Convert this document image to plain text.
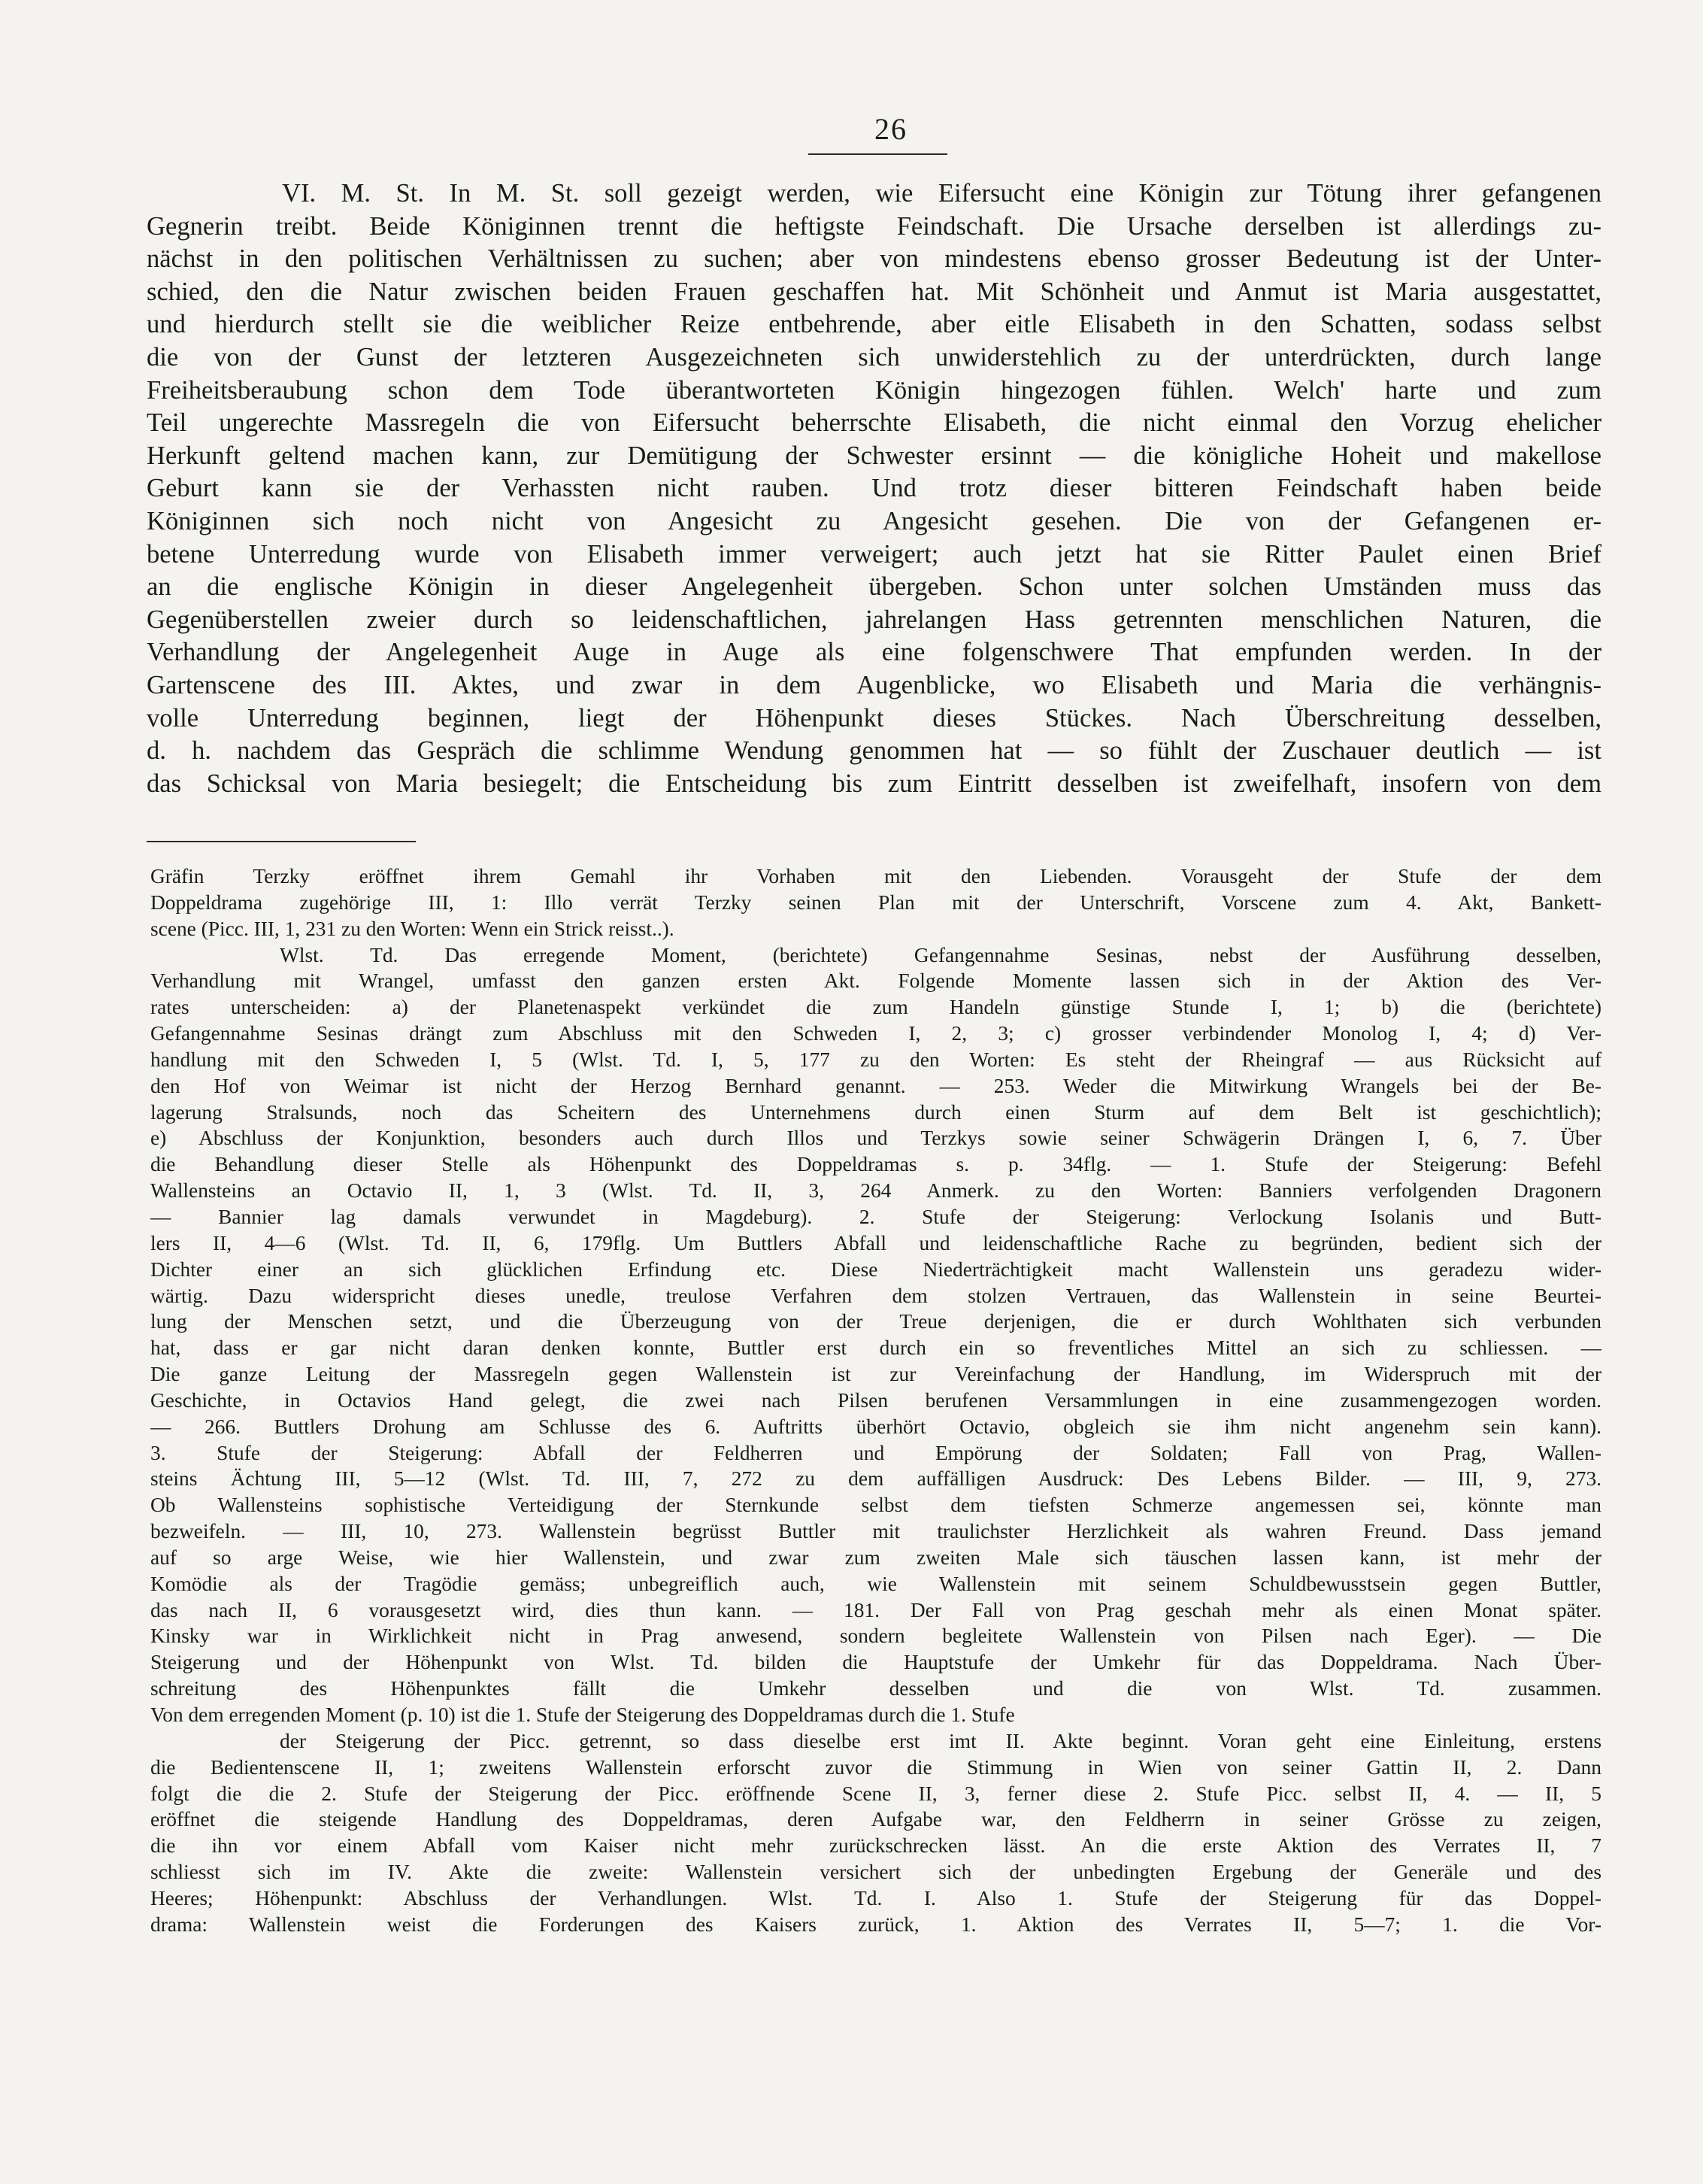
26
VI. M. St. In M. St. soll gezeigt werden, wie Eifersucht eine Königin zur Tötung ihrer gefangenen
Gegnerin treibt. Beide Königinnen trennt die heftigste Feindschaft. Die Ursache derselben ist allerdings zu-
nächst in den politischen Verhältnissen zu suchen; aber von mindestens ebenso grosser Bedeutung ist der Unter-
schied, den die Natur zwischen beiden Frauen geschaffen hat. Mit Schönheit und Anmut ist Maria ausgestattet,
und hierdurch stellt sie die weiblicher Reize entbehrende, aber eitle Elisabeth in den Schatten, sodass selbst
die von der Gunst der letzteren Ausgezeichneten sich unwiderstehlich zu der unterdrückten, durch lange
Freiheitsberaubung schon dem Tode überantworteten Königin hingezogen fühlen. Welch' harte und zum
Teil ungerechte Massregeln die von Eifersucht beherrschte Elisabeth, die nicht einmal den Vorzug ehelicher
Herkunft geltend machen kann, zur Demütigung der Schwester ersinnt — die königliche Hoheit und makellose
Geburt kann sie der Verhassten nicht rauben. Und trotz dieser bitteren Feindschaft haben beide
Königinnen sich noch nicht von Angesicht zu Angesicht gesehen. Die von der Gefangenen er-
betene Unterredung wurde von Elisabeth immer verweigert; auch jetzt hat sie Ritter Paulet einen Brief
an die englische Königin in dieser Angelegenheit übergeben. Schon unter solchen Umständen muss das
Gegenüberstellen zweier durch so leidenschaftlichen, jahrelangen Hass getrennten menschlichen Naturen, die
Verhandlung der Angelegenheit Auge in Auge als eine folgenschwere That empfunden werden. In der
Gartenscene des III. Aktes, und zwar in dem Augenblicke, wo Elisabeth und Maria die verhängnis-
volle Unterredung beginnen, liegt der Höhenpunkt dieses Stückes. Nach Überschreitung desselben,
d. h. nachdem das Gespräch die schlimme Wendung genommen hat — so fühlt der Zuschauer deutlich — ist
das Schicksal von Maria besiegelt; die Entscheidung bis zum Eintritt desselben ist zweifelhaft, insofern von dem
Gräfin Terzky eröffnet ihrem Gemahl ihr Vorhaben mit den Liebenden. Vorausgeht der Stufe der dem
Doppeldrama zugehörige III, 1: Illo verrät Terzky seinen Plan mit der Unterschrift, Vorscene zum 4. Akt, Bankett-
scene (Picc. III, 1, 231 zu den Worten: Wenn ein Strick reisst..).
Wlst. Td. Das erregende Moment, (berichtete) Gefangennahme Sesinas, nebst der Ausführung desselben,
Verhandlung mit Wrangel, umfasst den ganzen ersten Akt. Folgende Momente lassen sich in der Aktion des Ver-
rates unterscheiden: a) der Planetenaspekt verkündet die zum Handeln günstige Stunde I, 1; b) die (berichtete)
Gefangennahme Sesinas drängt zum Abschluss mit den Schweden I, 2, 3; c) grosser verbindender Monolog I, 4; d) Ver-
handlung mit den Schweden I, 5 (Wlst. Td. I, 5, 177 zu den Worten: Es steht der Rheingraf — aus Rücksicht auf
den Hof von Weimar ist nicht der Herzog Bernhard genannt. — 253. Weder die Mitwirkung Wrangels bei der Be-
lagerung Stralsunds, noch das Scheitern des Unternehmens durch einen Sturm auf dem Belt ist geschichtlich);
e) Abschluss der Konjunktion, besonders auch durch Illos und Terzkys sowie seiner Schwägerin Drängen I, 6, 7. Über
die Behandlung dieser Stelle als Höhenpunkt des Doppeldramas s. p. 34flg. — 1. Stufe der Steigerung: Befehl
Wallensteins an Octavio II, 1, 3 (Wlst. Td. II, 3, 264 Anmerk. zu den Worten: Banniers verfolgenden Dragonern
— Bannier lag damals verwundet in Magdeburg). 2. Stufe der Steigerung: Verlockung Isolanis und Butt-
lers II, 4—6 (Wlst. Td. II, 6, 179flg. Um Buttlers Abfall und leidenschaftliche Rache zu begründen, bedient sich der
Dichter einer an sich glücklichen Erfindung etc. Diese Niederträchtigkeit macht Wallenstein uns geradezu wider-
wärtig. Dazu widerspricht dieses unedle, treulose Verfahren dem stolzen Vertrauen, das Wallenstein in seine Beurtei-
lung der Menschen setzt, und die Überzeugung von der Treue derjenigen, die er durch Wohlthaten sich verbunden
hat, dass er gar nicht daran denken konnte, Buttler erst durch ein so freventliches Mittel an sich zu schliessen. —
Die ganze Leitung der Massregeln gegen Wallenstein ist zur Vereinfachung der Handlung, im Widerspruch mit der
Geschichte, in Octavios Hand gelegt, die zwei nach Pilsen berufenen Versammlungen in eine zusammengezogen worden.
— 266. Buttlers Drohung am Schlusse des 6. Auftritts überhört Octavio, obgleich sie ihm nicht angenehm sein kann).
3. Stufe der Steigerung: Abfall der Feldherren und Empörung der Soldaten; Fall von Prag, Wallen-
steins Ächtung III, 5—12 (Wlst. Td. III, 7, 272 zu dem auffälligen Ausdruck: Des Lebens Bilder. — III, 9, 273.
Ob Wallensteins sophistische Verteidigung der Sternkunde selbst dem tiefsten Schmerze angemessen sei, könnte man
bezweifeln. — III, 10, 273. Wallenstein begrüsst Buttler mit traulichster Herzlichkeit als wahren Freund. Dass jemand
auf so arge Weise, wie hier Wallenstein, und zwar zum zweiten Male sich täuschen lassen kann, ist mehr der
Komödie als der Tragödie gemäss; unbegreiflich auch, wie Wallenstein mit seinem Schuldbewusstsein gegen Buttler,
das nach II, 6 vorausgesetzt wird, dies thun kann. — 181. Der Fall von Prag geschah mehr als einen Monat später.
Kinsky war in Wirklichkeit nicht in Prag anwesend, sondern begleitete Wallenstein von Pilsen nach Eger). — Die
Steigerung und der Höhenpunkt von Wlst. Td. bilden die Hauptstufe der Umkehr für das Doppeldrama. Nach Über-
schreitung des Höhenpunktes fällt die Umkehr desselben und die von Wlst. Td. zusammen.
Von dem erregenden Moment (p. 10) ist die 1. Stufe der Steigerung des Doppeldramas durch die 1. Stufe
der Steigerung der Picc. getrennt, so dass dieselbe erst imt II. Akte beginnt. Voran geht eine Einleitung, erstens
die Bedientenscene II, 1; zweitens Wallenstein erforscht zuvor die Stimmung in Wien von seiner Gattin II, 2. Dann
folgt die die 2. Stufe der Steigerung der Picc. eröffnende Scene II, 3, ferner diese 2. Stufe Picc. selbst II, 4. — II, 5
eröffnet die steigende Handlung des Doppeldramas, deren Aufgabe war, den Feldherrn in seiner Grösse zu zeigen,
die ihn vor einem Abfall vom Kaiser nicht mehr zurückschrecken lässt. An die erste Aktion des Verrates II, 7
schliesst sich im IV. Akte die zweite: Wallenstein versichert sich der unbedingten Ergebung der Generäle und des
Heeres; Höhenpunkt: Abschluss der Verhandlungen. Wlst. Td. I. Also 1. Stufe der Steigerung für das Doppel-
drama: Wallenstein weist die Forderungen des Kaisers zurück, 1. Aktion des Verrates II, 5—7; 1. die Vor-
